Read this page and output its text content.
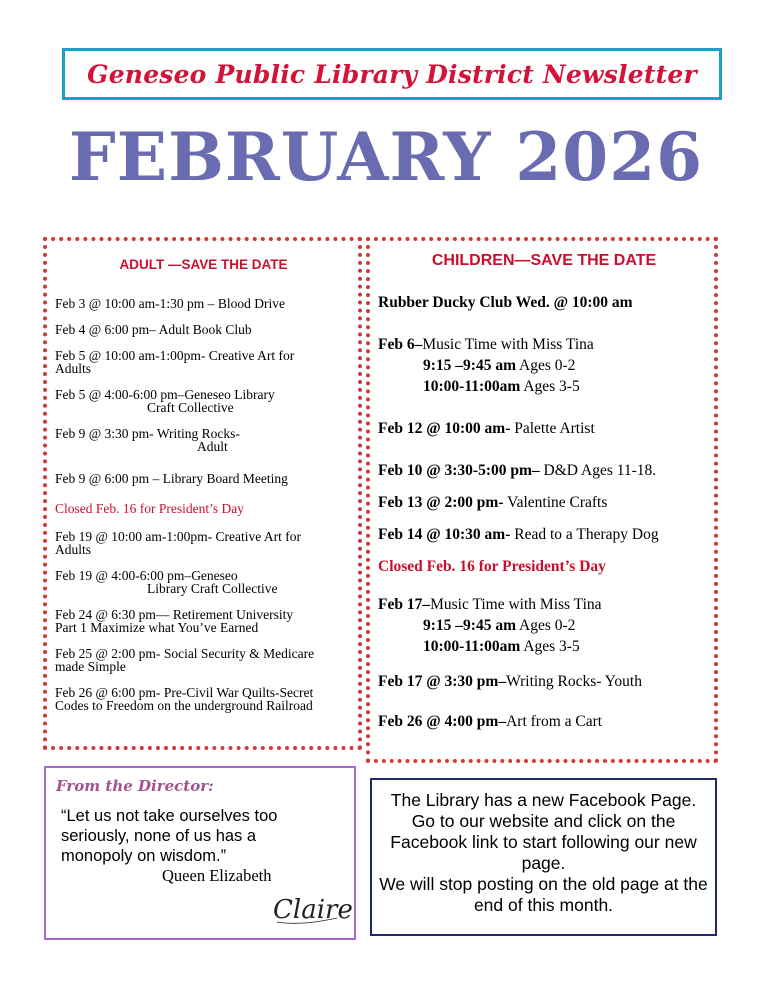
Geneseo Public Library District Newsletter
FEBRUARY 2026
ADULT —SAVE THE DATE
Feb 3 @ 10:00 am-1:30 pm – Blood Drive
Feb 4 @ 6:00 pm– Adult Book Club
Feb 5 @ 10:00 am-1:00pm- Creative Art for
Adults
Feb 5 @ 4:00-6:00 pm–Geneseo Library
Craft Collective
Feb 9 @ 3:30 pm- Writing Rocks-
Adult
Feb 9 @ 6:00 pm – Library Board Meeting
Closed Feb. 16 for President’s Day
Feb 19 @ 10:00 am-1:00pm- Creative Art for
Adults
Feb 19 @ 4:00-6:00 pm–Geneseo
Library Craft Collective
Feb 24 @ 6:30 pm— Retirement University
Part 1 Maximize what You’ve Earned
Feb 25 @ 2:00 pm- Social Security & Medicare
made Simple
Feb 26 @ 6:00 pm- Pre-Civil War Quilts-Secret
Codes to Freedom on the underground Railroad
CHILDREN—SAVE THE DATE
Rubber Ducky Club Wed. @ 10:00 am
Feb 6–Music Time with Miss Tina
9:15 –9:45 am Ages 0-2
10:00-11:00am Ages 3-5
Feb 12 @ 10:00 am- Palette Artist
Feb 10 @ 3:30-5:00 pm– D&D Ages 11-18.
Feb 13 @ 2:00 pm- Valentine Crafts
Feb 14 @ 10:30 am- Read to a Therapy Dog
Closed Feb. 16 for President’s Day
Feb 17–Music Time with Miss Tina
9:15 –9:45 am Ages 0-2
10:00-11:00am Ages 3-5
Feb 17 @ 3:30 pm–Writing Rocks- Youth
Feb 26 @ 4:00 pm–Art from a Cart
From the Director:
“Let us not take ourselves too seriously, none of us has a monopoly on wisdom.”
Queen Elizabeth
Claire
The Library has a new Facebook Page. Go to our website and click on the Facebook link to start following our new page.
We will stop posting on the old page at the end of this month.
